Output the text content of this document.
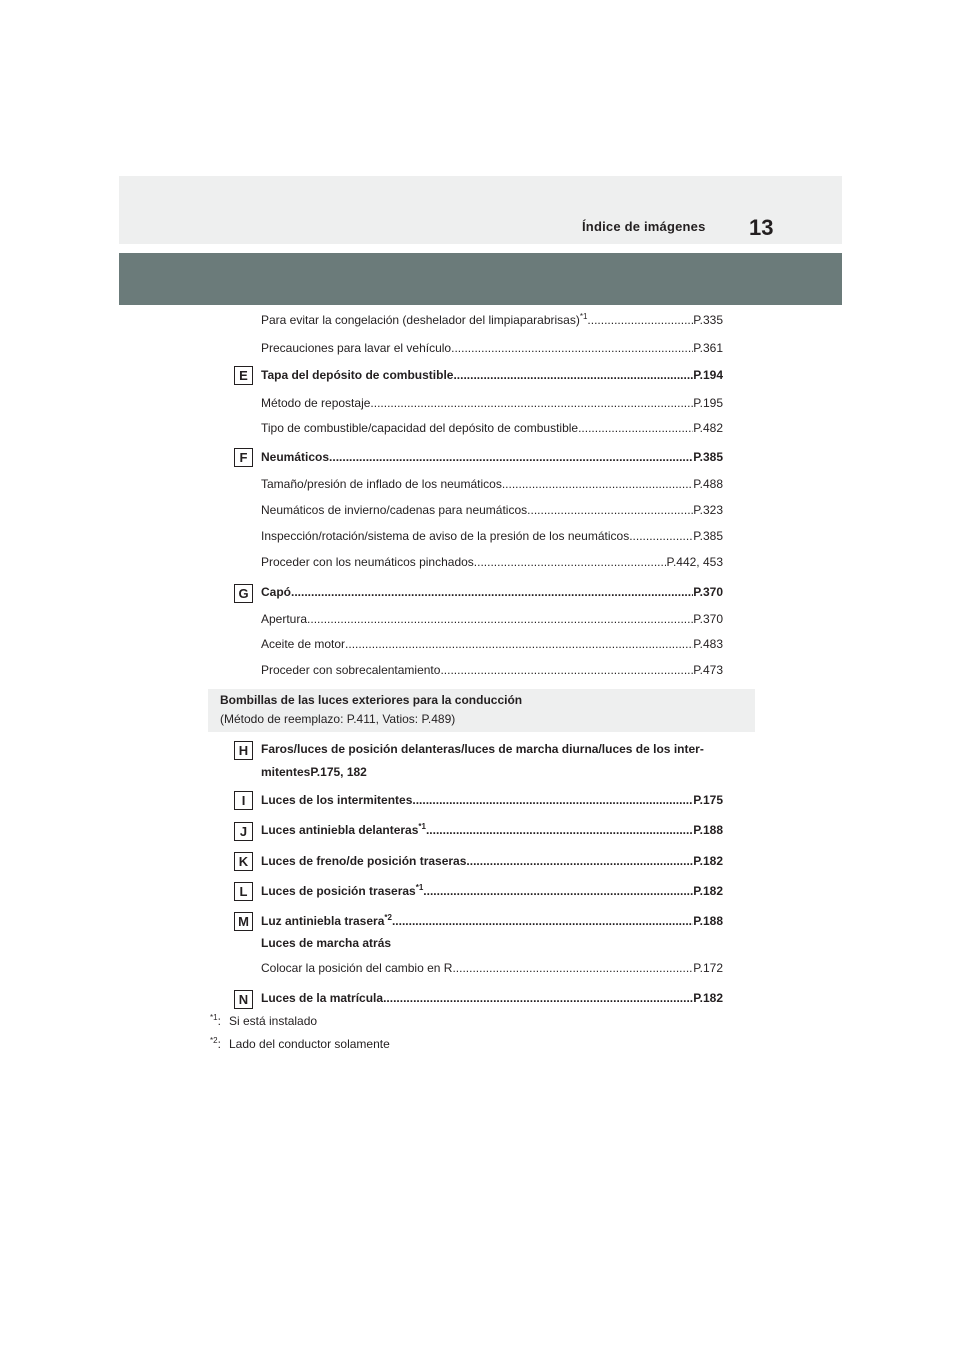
Índice de imágenes 13
Para evitar la congelación (deshelador del limpiaparabrisas)$^{*1}$ .....	P.335
Precauciones para lavar el vehículo .....	P.361
E	Tapa del depósito de combustible .....	P.194
Método de repostaje .....	P.195
Tipo de combustible/capacidad del depósito de combustible .....	P.482
F	Neumáticos .....	P.385
Tamaño/presión de inflado de los neumáticos .....	P.488
Neumáticos de invierno/cadenas para neumáticos .....	P.323
Inspección/rotación/sistema de aviso de la presión de los neumáticos .....	P.385
Proceder con los neumáticos pinchados .....	P.442, 453
G	Capó .....	P.370
Apertura .....	P.370
Aceite de motor .....	P.483
Proceder con sobrecalentamiento .....	P.473
Bombillas de las luces exteriores para la conducción
(Método de reemplazo: P.411, Vatios: P.489)
H	Faros/luces de posición delanteras/luces de marcha diurna/luces de los inter-
mitentesP.175, 182
I	Luces de los intermitentes .....	P.175
J	Luces antiniebla delanteras$^{*1}$ .....	P.188
K	Luces de freno/de posición traseras .....	P.182
L	Luces de posición traseras$^{*1}$ .....	P.182
M	Luz antiniebla trasera$^{*2}$ .....	P.188
Luces de marcha atrás
Colocar la posición del cambio en R .....	P.172
N	Luces de la matrícula .....	P.182
$^{*1}$: Si está instalado
$^{*2}$: Lado del conductor solamente
